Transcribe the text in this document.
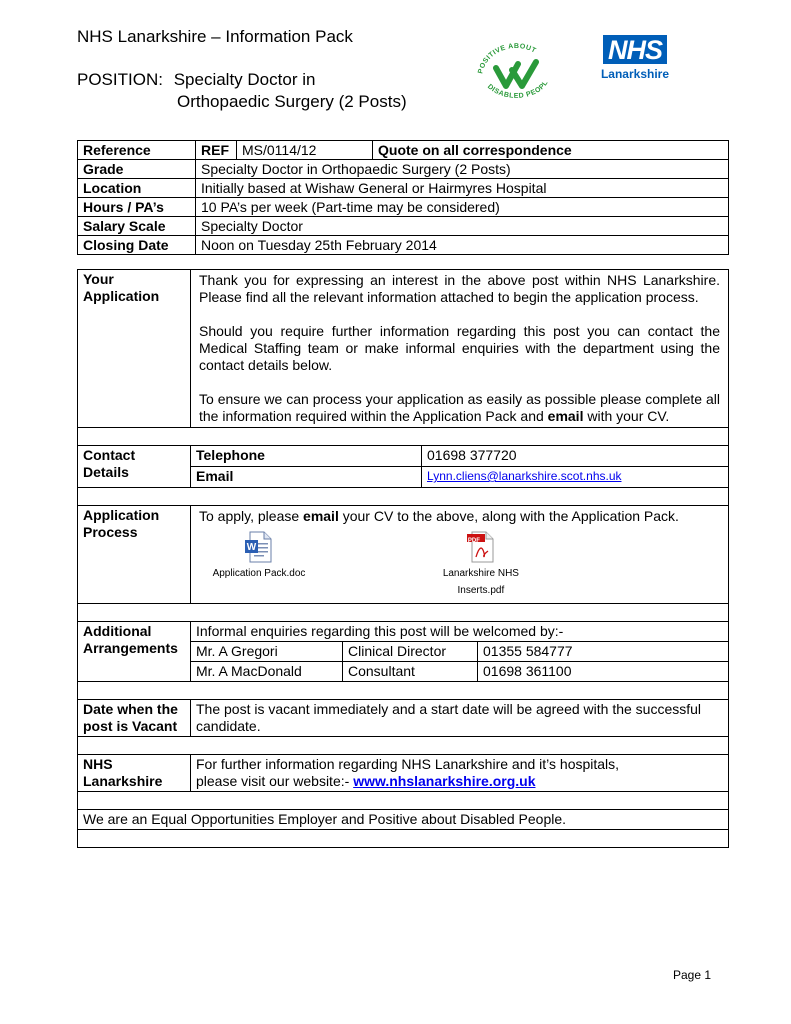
NHS Lanarkshire – Information Pack
POSITION: Specialty Doctor in
Orthopaedic Surgery (2 Posts)
POSITIVE ABOUT
DISABLED PEOPL
NHS
Lanarkshire
Reference		REF	MS/0114/12	Quote on all correspondence

Grade	Specialty Doctor in Orthopaedic Surgery (2 Posts)
Location	Initially based at Wishaw General or Hairmyres Hospital
Hours / PA’s	10 PA’s per week (Part-time may be considered)
Salary Scale	Specialty Doctor
Closing Date	Noon on Tuesday 25th February 2014
Your
Application	

Thank you for expressing an interest in the above post within NHS Lanarkshire. Please find all the relevant information attached to begin the application process.

Should you require further information regarding this post you can contact the Medical Staffing team or make informal enquiries with the department using the contact details below.

To ensure we can process your application as easily as possible please complete all the information required within the Application Pack and email with your CV.

Contact
Details	
Telephone	01698 377720
Email	Lynn.cliens@lanarkshire.scot.nhs.uk

Application
Process	
To apply, please email your CV to the above, along with the Application Pack.
W
Application Pack.doc

PDF
Lanarkshire NHS
Inserts.pdf

Additional
Arrangements	
Informal enquiries regarding this post will be welcomed by:-
Mr. A Gregori	Clinical Director	01355 584777
Mr. A MacDonald	Consultant	01698 361100

Date when the
post is Vacant	The post is vacant immediately and a start date will be agreed with the successful candidate.

NHS
Lanarkshire	For further information regarding NHS Lanarkshire and it’s hospitals,
please visit our website:- www.nhslanarkshire.org.uk

We are an Equal Opportunities Employer and Positive about Disabled People.

Page 1
